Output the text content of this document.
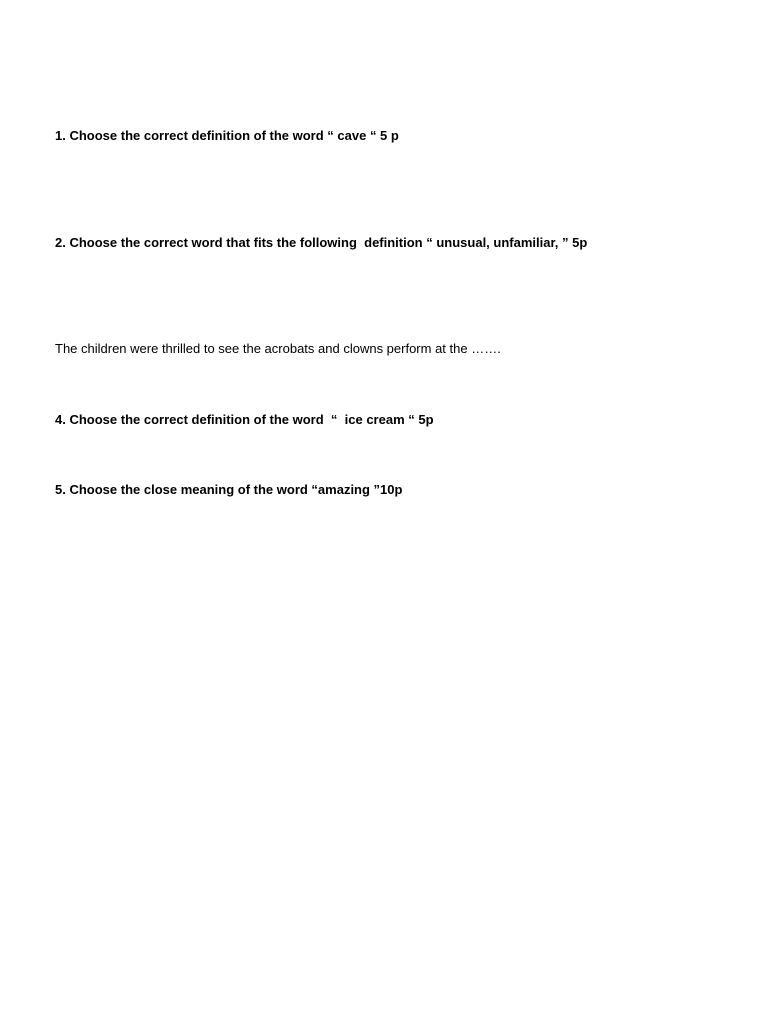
1. Choose the correct definition of the word “ cave “ 5 p
2. Choose the correct word that fits the following  definition “ unusual, unfamiliar, ” 5p
The children were thrilled to see the acrobats and clowns perform at the …….
4. Choose the correct definition of the word  “  ice cream “ 5p
5. Choose the close meaning of the word “amazing ”10p
